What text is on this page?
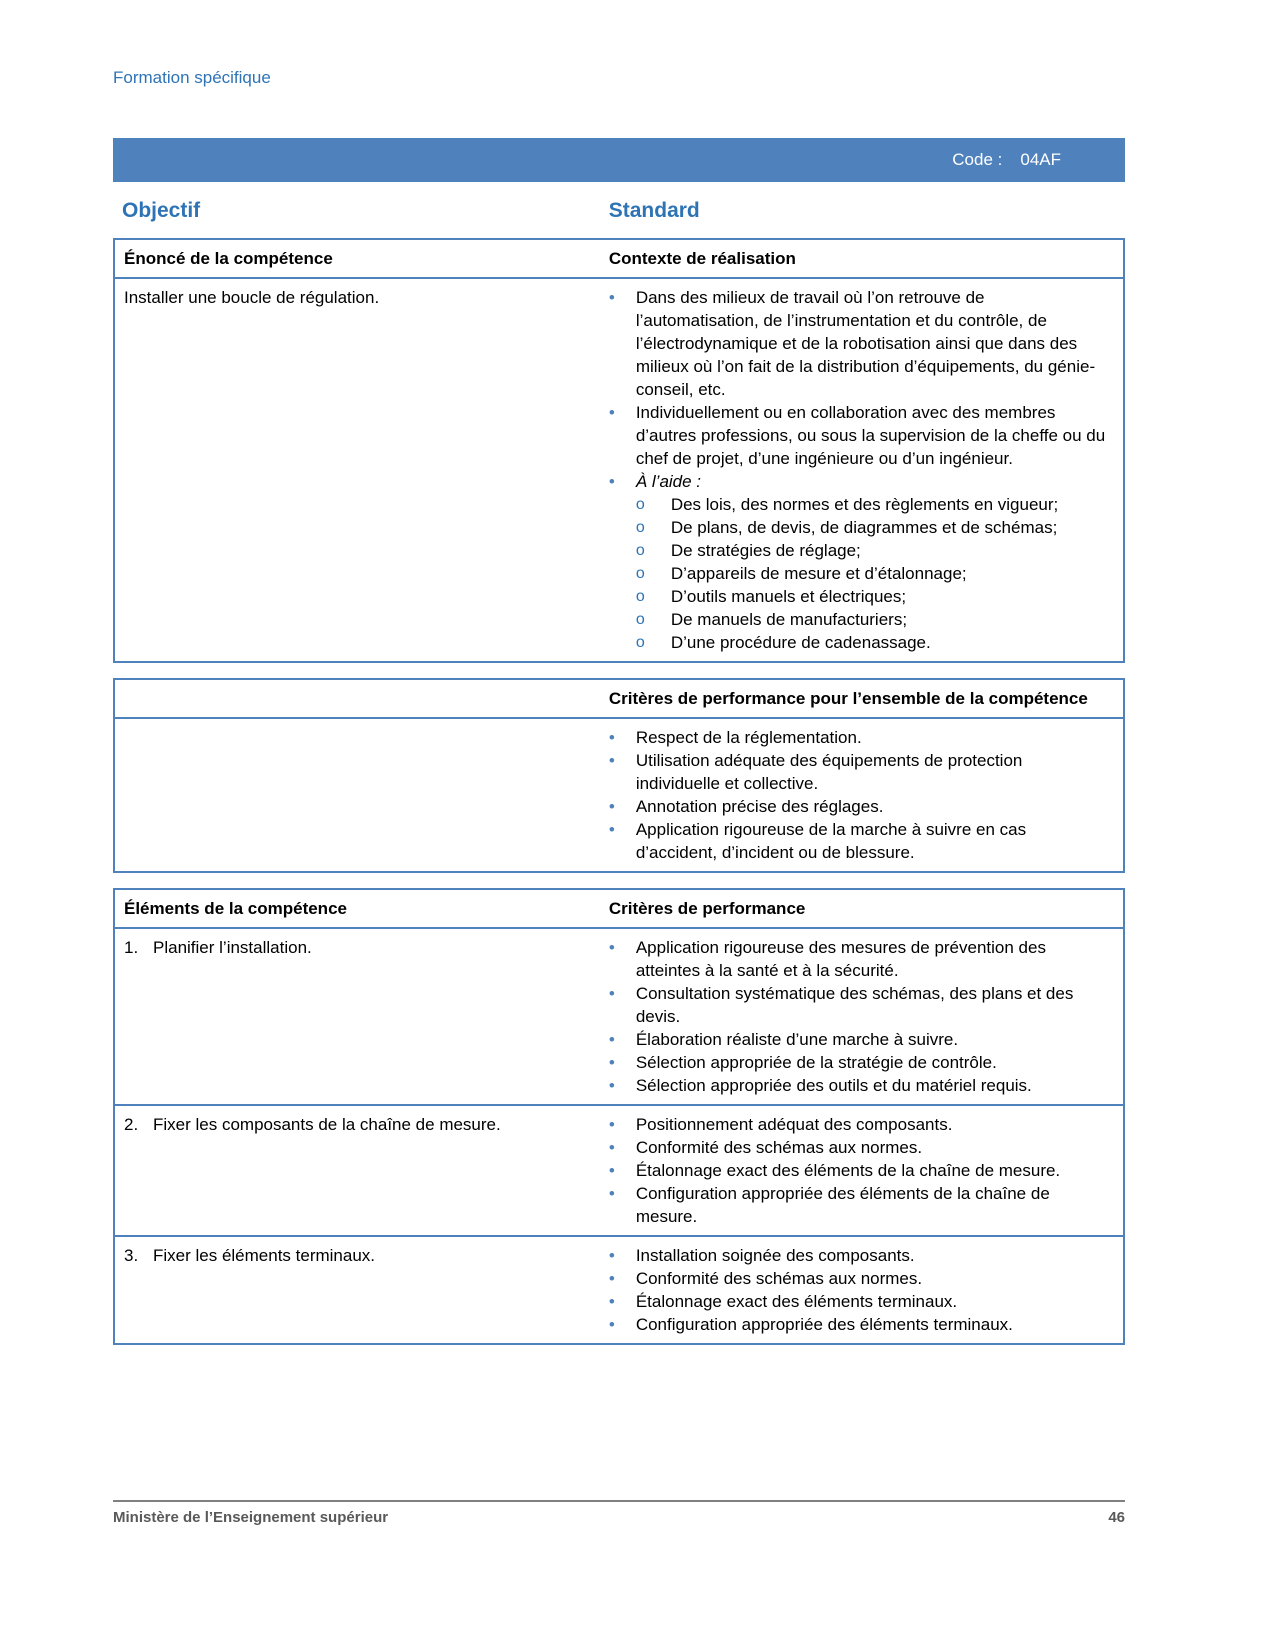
Formation spécifique
Code : 04AF
Objectif	Standard
Énoncé de la compétence	Contexte de réalisation
Installer une boucle de régulation.	•	Dans des milieux de travail où l’on retrouve de l’automatisation, de l’instrumentation et du contrôle, de l’électrodynamique et de la robotisation ainsi que dans des milieux où l’on fait de la distribution d’équipements, du génie-conseil, etc.
•	Individuellement ou en collaboration avec des membres d’autres professions, ou sous la supervision de la cheffe ou du chef de projet, d’une ingénieure ou d’un ingénieur.
•	À l’aide :
o	Des lois, des normes et des règlements en vigueur;
o	De plans, de devis, de diagrammes et de schémas;
o	De stratégies de réglage;
o	D’appareils de mesure et d’étalonnage;
o	D’outils manuels et électriques;
o	De manuels de manufacturiers;
o	D’une procédure de cadenassage.
Critères de performance pour l’ensemble de la compétence
•	Respect de la réglementation.
•	Utilisation adéquate des équipements de protection individuelle et collective.
•	Annotation précise des réglages.
•	Application rigoureuse de la marche à suivre en cas d’accident, d’incident ou de blessure.
Éléments de la compétence	Critères de performance
1. Planifier l’installation.	•	Application rigoureuse des mesures de prévention des atteintes à la santé et à la sécurité.
•	Consultation systématique des schémas, des plans et des devis.
•	Élaboration réaliste d’une marche à suivre.
•	Sélection appropriée de la stratégie de contrôle.
•	Sélection appropriée des outils et du matériel requis.
2. Fixer les composants de la chaîne de mesure.	•	Positionnement adéquat des composants.
•	Conformité des schémas aux normes.
•	Étalonnage exact des éléments de la chaîne de mesure.
•	Configuration appropriée des éléments de la chaîne de mesure.
3. Fixer les éléments terminaux.	•	Installation soignée des composants.
•	Conformité des schémas aux normes.
•	Étalonnage exact des éléments terminaux.
•	Configuration appropriée des éléments terminaux.
Ministère de l’Enseignement supérieur	46
